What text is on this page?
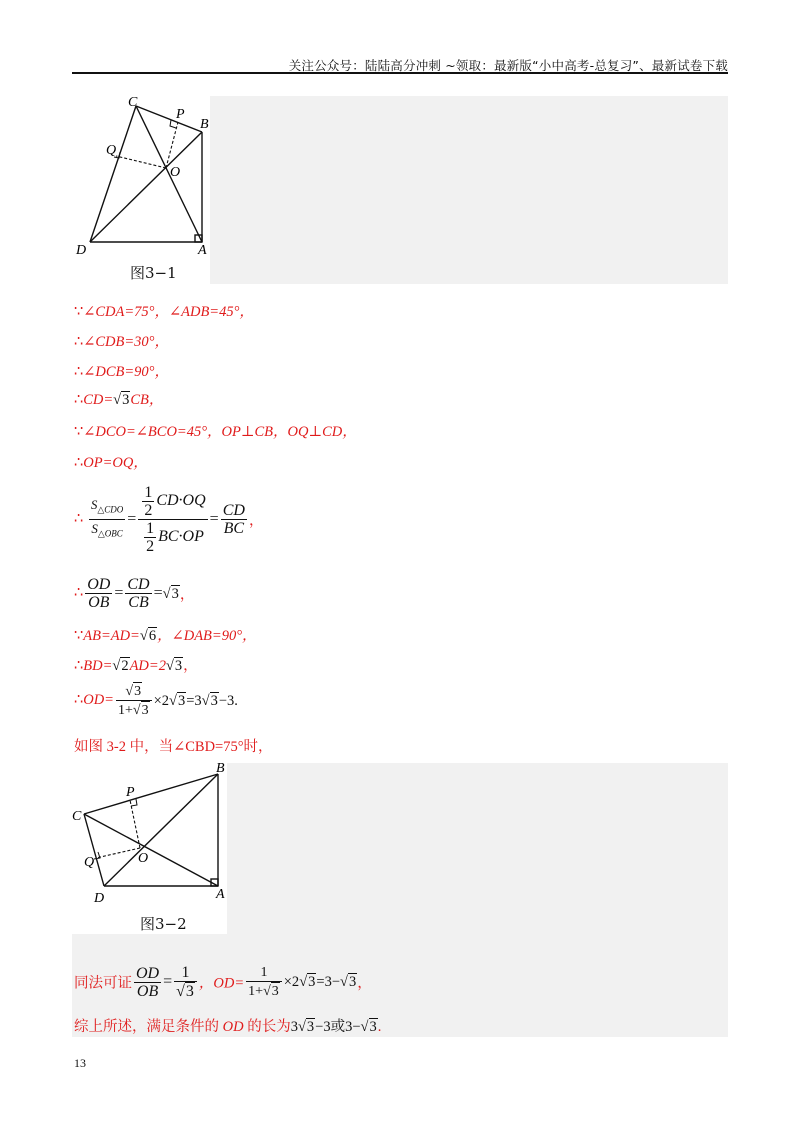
关注公众号：陆陆高分冲刺 ~领取：最新版“小中高考-总复习”、最新试卷下载
C
P
B
Q
O
D	A
图3−1
∵∠CDA=75°，∠ADB=45°，
∴∠CDB=30°，
∴∠DCB=90°，
∴CD=√3CB，
∵∠DCO=∠BCO=45°，OP⊥CB，OQ⊥CD，
∴OP=OQ，
∴ $\frac{S_{\triangle CDO}}{S_{\triangle OBC}} = \frac{\frac{1}{2} CD\cdot OQ}{\frac{1}{2} BC\cdot OP} = \frac{CD}{BC}$ ，
∴ $\frac{OD}{OB} = \frac{CD}{CB} =√3$，
∵AB=AD=√6，∠DAB=90°，
∴BD=√2AD=2√3，
∴OD= $\frac{√3}{1+√3} \times 2√3=3√3-3$.
如图 3-2 中，当∠CBD=75°时，
B
P
C
O
Q
D	A
图3−2
同法可证 $\frac{OD}{OB} = \frac{1}{√3}$ ，$OD= \frac{1}{1+√3} \times 2√3=3-√3$，
综上所述，满足条件的 OD 的长为3√3−3或3−√3.
13
